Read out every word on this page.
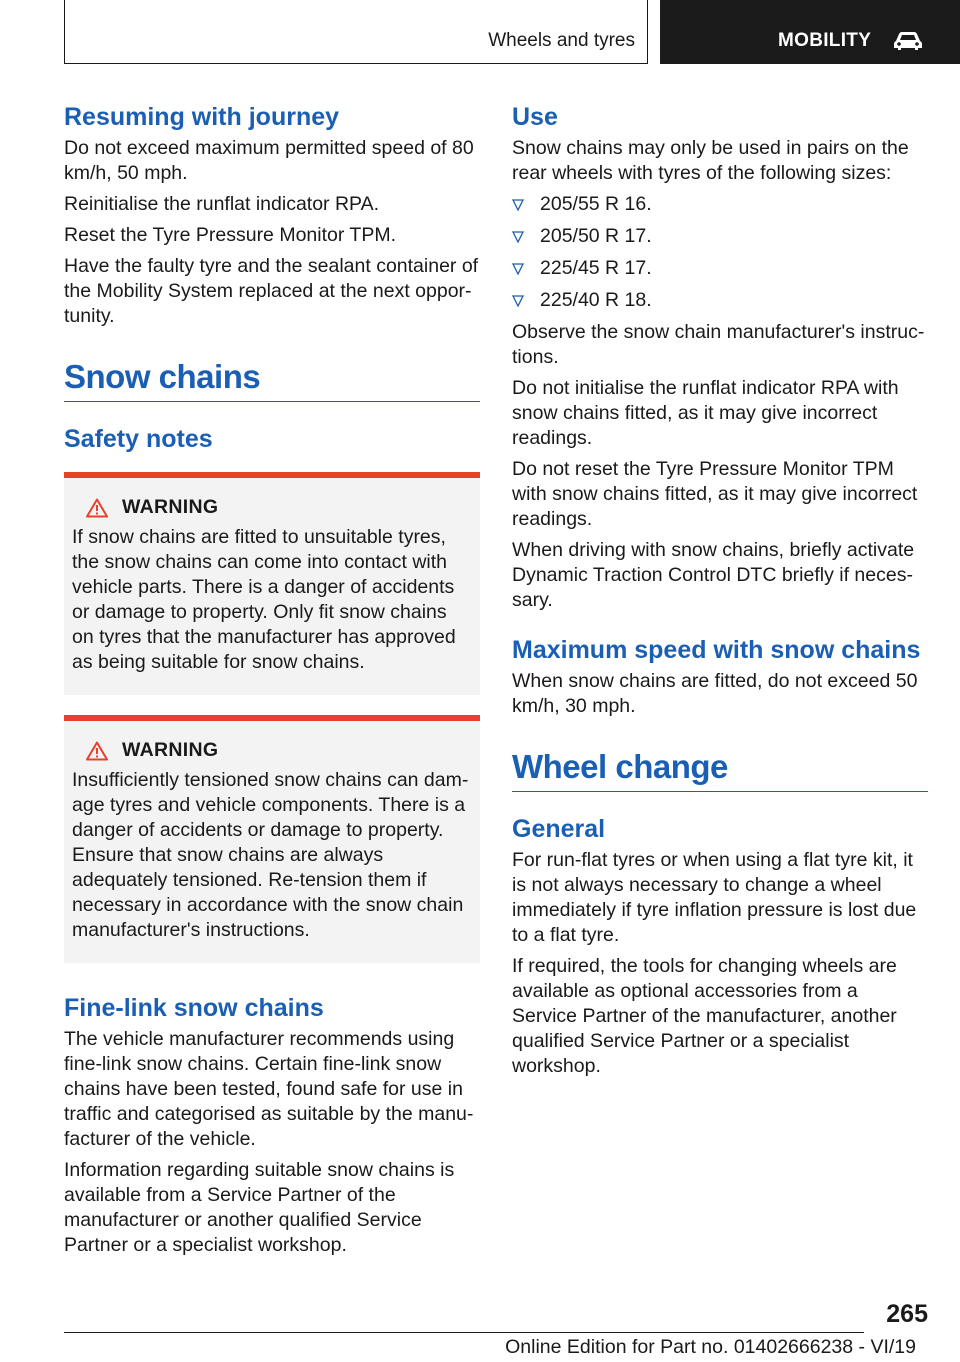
Wheels and tyres	MOBILITY
Resuming with journey

Do not exceed maximum permitted speed of 80 km/h, 50 mph.

Reinitialise the runflat indicator RPA.

Reset the Tyre Pressure Monitor TPM.

Have the faulty tyre and the sealant container of the Mobility System replaced at the next opportunity.

Snow chains
Safety notes
WARNING

If snow chains are fitted to unsuitable tyres, the snow chains can come into contact with vehicle parts. There is a danger of accidents or damage to property. Only fit snow chains on tyres that the manufacturer has approved as being suitable for snow chains.

WARNING

Insufficiently tensioned snow chains can damage tyres and vehicle components. There is a danger of accidents or damage to property. Ensure that snow chains are always adequately tensioned. Re-tension them if necessary in accordance with the snow chain manufacturer's instructions.

Fine-link snow chains

The vehicle manufacturer recommends using fine-link snow chains. Certain fine-link snow chains have been tested, found safe for use in traffic and categorised as suitable by the manufacturer of the vehicle.

Information regarding suitable snow chains is available from a Service Partner of the manufacturer or another qualified Service Partner or a specialist workshop.

Use

Snow chains may only be used in pairs on the rear wheels with tyres of the following sizes:

205/55 R 16.
205/50 R 17.
225/45 R 17.
225/40 R 18.

Observe the snow chain manufacturer's instructions.

Do not initialise the runflat indicator RPA with snow chains fitted, as it may give incorrect readings.

Do not reset the Tyre Pressure Monitor TPM with snow chains fitted, as it may give incorrect readings.

When driving with snow chains, briefly activate Dynamic Traction Control DTC briefly if necessary.

Maximum speed with snow chains

When snow chains are fitted, do not exceed 50 km/h, 30 mph.

Wheel change
General

For run-flat tyres or when using a flat tyre kit, it is not always necessary to change a wheel immediately if tyre inflation pressure is lost due to a flat tyre.

If required, the tools for changing wheels are available as optional accessories from a Service Partner of the manufacturer, another qualified Service Partner or a specialist workshop.

265
Online Edition for Part no. 01402666238 - VI/19
